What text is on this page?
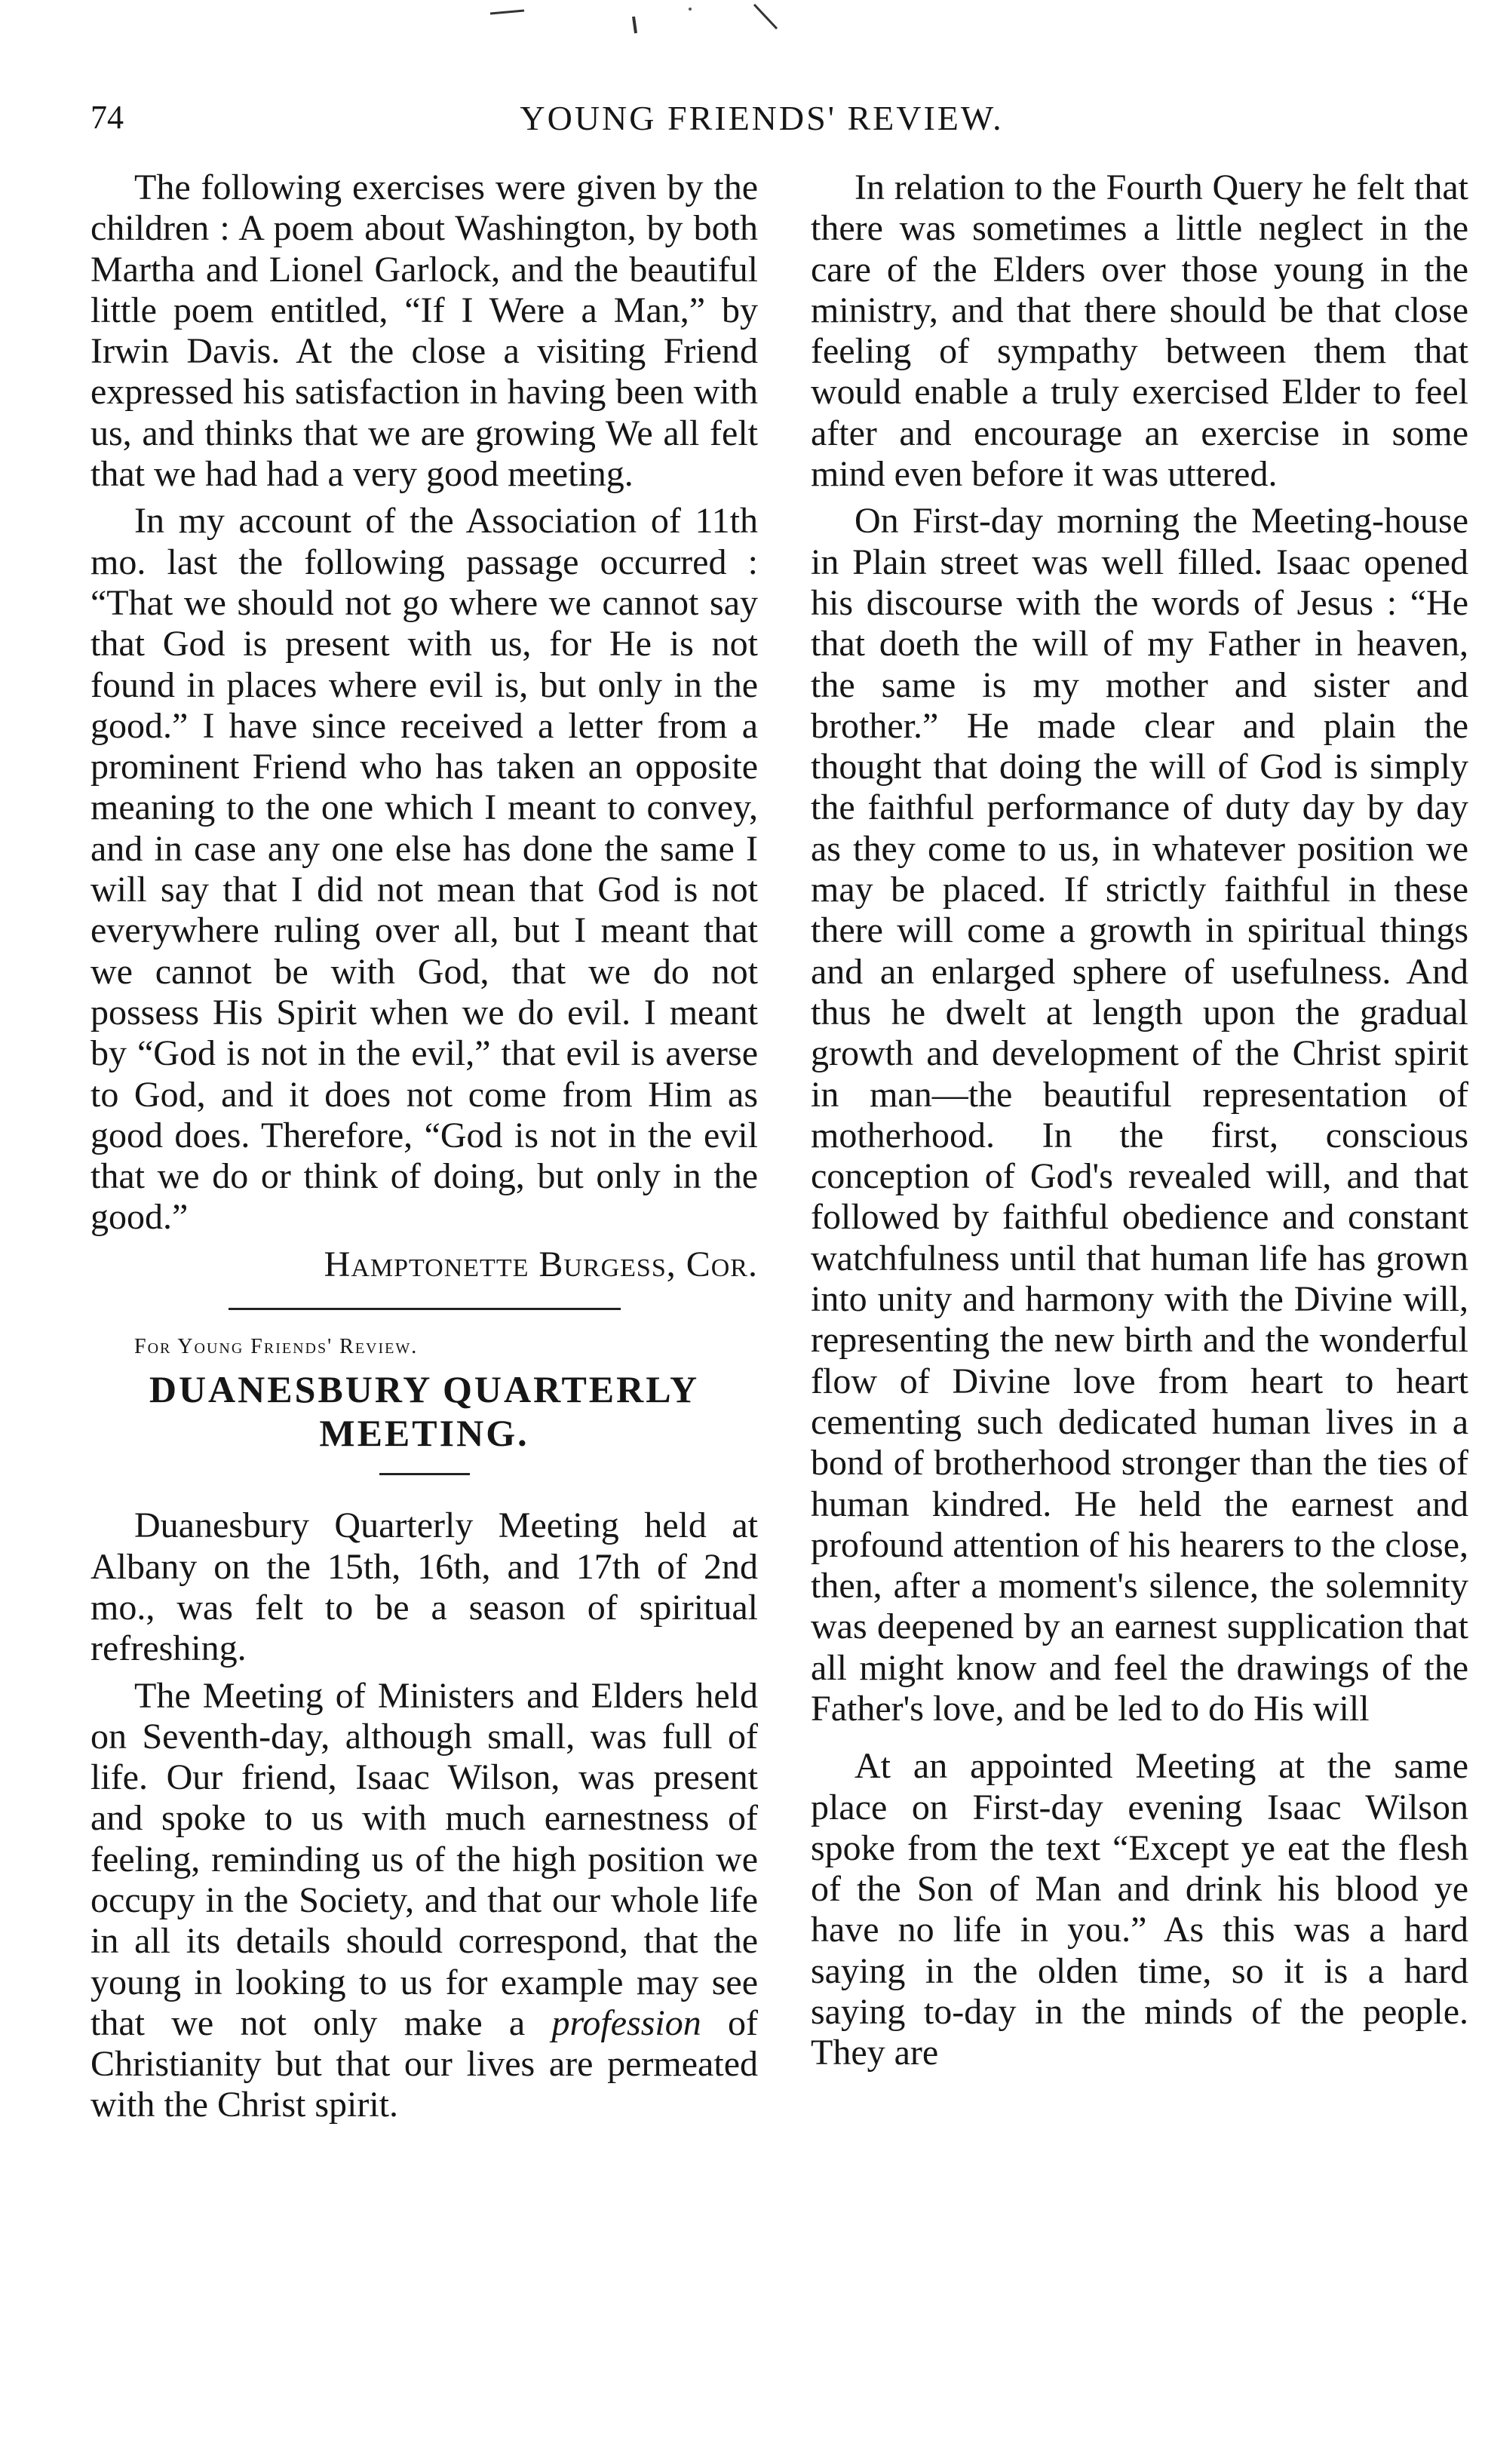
74	YOUNG FRIENDS' REVIEW.

The following exercises were given by the children : A poem about Washington, by both Martha and Lionel Garlock, and the beautiful little poem entitled, “If I Were a Man,” by Irwin Davis. At the close a visiting Friend expressed his satisfaction in having been with us, and thinks that we are growing We all felt that we had had a very good meeting.

In my account of the Association of 11th mo. last the following passage occurred : “That we should not go where we cannot say that God is present with us, for He is not found in places where evil is, but only in the good.” I have since received a letter from a prominent Friend who has taken an opposite meaning to the one which I meant to convey, and in case any one else has done the same I will say that I did not mean that God is not everywhere ruling over all, but I meant that we cannot be with God, that we do not possess His Spirit when we do evil. I meant by “God is not in the evil,” that evil is averse to God, and it does not come from Him as good does. Therefore, “God is not in the evil that we do or think of doing, but only in the good.”

Hamptonette Burgess, Cor.

For Young Friends' Review.

DUANESBURY QUARTERLY
MEETING.

Duanesbury Quarterly Meeting held at Albany on the 15th, 16th, and 17th of 2nd mo., was felt to be a season of spiritual refreshing.

The Meeting of Ministers and Elders held on Seventh-day, although small, was full of life. Our friend, Isaac Wilson, was present and spoke to us with much earnestness of feeling, reminding us of the high position we occupy in the Society, and that our whole life in all its details should correspond, that the young in looking to us for example may see that we not only make a profession of Christianity but that our lives are permeated with the Christ spirit.

In relation to the Fourth Query he felt that there was sometimes a little neglect in the care of the Elders over those young in the ministry, and that there should be that close feeling of sympathy between them that would enable a truly exercised Elder to feel after and encourage an exercise in some mind even before it was uttered.

On First-day morning the Meeting-house in Plain street was well filled. Isaac opened his discourse with the words of Jesus : “He that doeth the will of my Father in heaven, the same is my mother and sister and brother.” He made clear and plain the thought that doing the will of God is simply the faithful performance of duty day by day as they come to us, in whatever position we may be placed. If strictly faithful in these there will come a growth in spiritual things and an enlarged sphere of usefulness. And thus he dwelt at length upon the gradual growth and development of the Christ spirit in man—the beautiful representation of motherhood. In the first, conscious conception of God's revealed will, and that followed by faithful obedience and constant watchfulness until that human life has grown into unity and harmony with the Divine will, representing the new birth and the wonderful flow of Divine love from heart to heart cementing such dedicated human lives in a bond of brotherhood stronger than the ties of human kindred. He held the earnest and profound attention of his hearers to the close, then, after a moment's silence, the solemnity was deepened by an earnest supplication that all might know and feel the drawings of the Father's love, and be led to do His will

At an appointed Meeting at the same place on First-day evening Isaac Wilson spoke from the text “Except ye eat the flesh of the Son of Man and drink his blood ye have no life in you.” As this was a hard saying in the olden time, so it is a hard saying to-day in the minds of the people. They are
